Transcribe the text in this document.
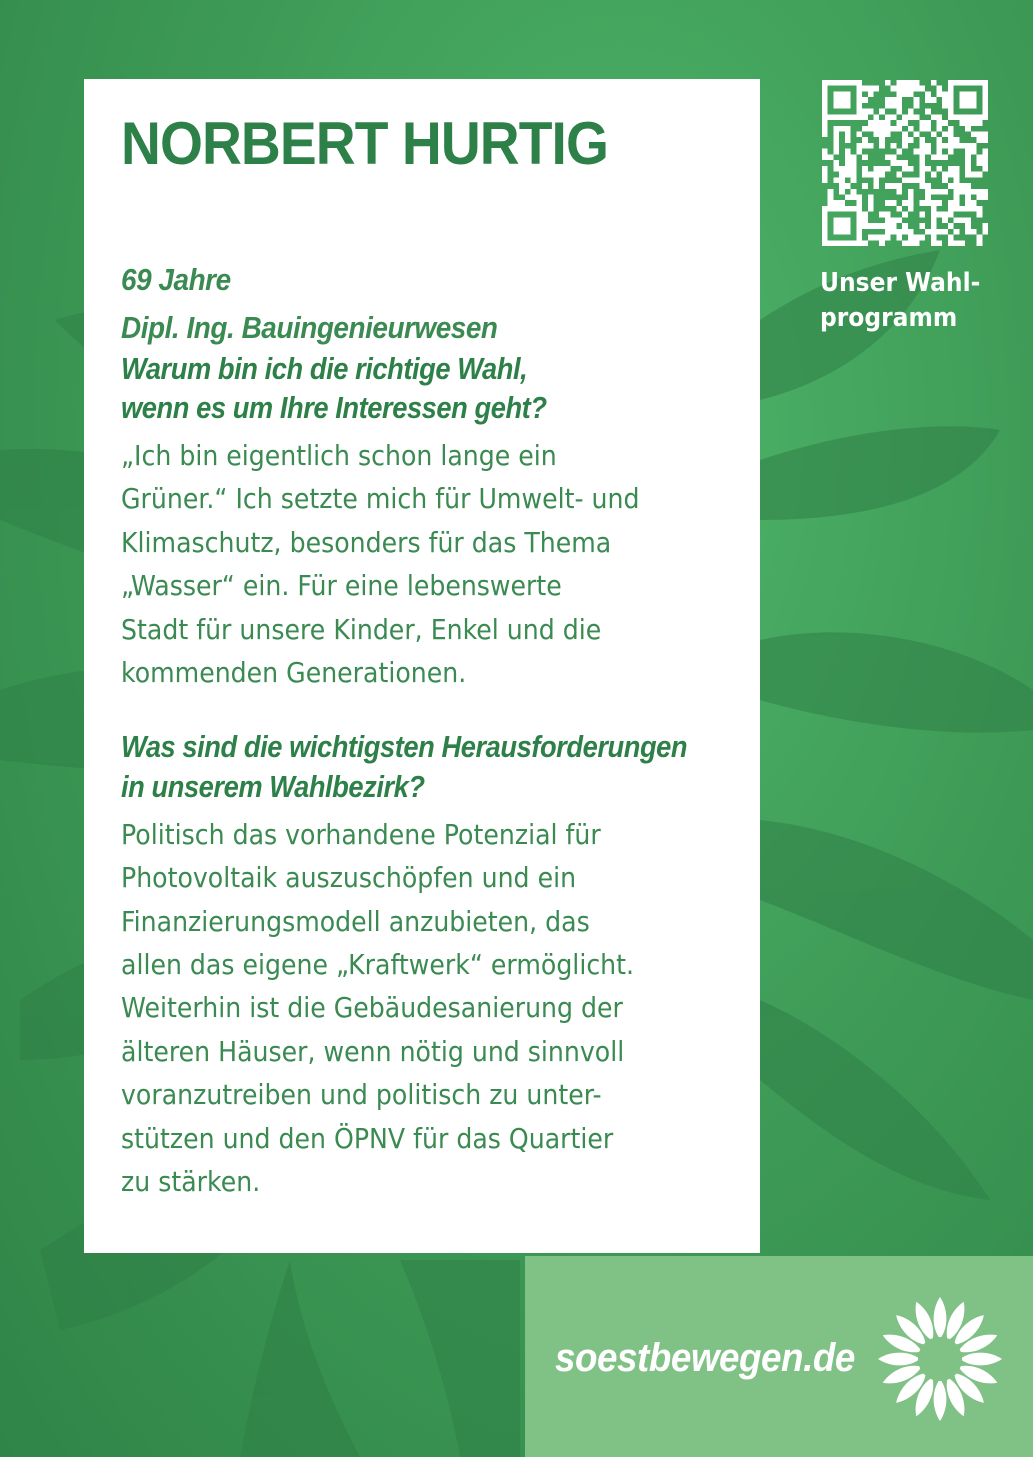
NORBERT HURTIG

69 Jahre

Dipl. Ing. Bauingenieurwesen

Warum bin ich die richtige Wahl,

wenn es um Ihre Interessen geht?

„Ich bin eigentlich schon lange ein

Grüner.“ Ich setzte mich für Umwelt- und

Klimaschutz, besonders für das Thema

„Wasser“ ein. Für eine lebenswerte

Stadt für unsere Kinder, Enkel und die

kommenden Generationen.

Was sind die wichtigsten Herausforderungen

in unserem Wahlbezirk?

Politisch das vorhandene Potenzial für

Photovoltaik auszuschöpfen und ein

Finanzierungsmodell anzubieten, das

allen das eigene „Kraftwerk“ ermöglicht.

Weiterhin ist die Gebäudesanierung der

älteren Häuser, wenn nötig und sinnvoll

voranzutreiben und politisch zu unter-

stützen und den ÖPNV für das Quartier

zu stärken.

Unser Wahl-
programm
soestbewegen.de
